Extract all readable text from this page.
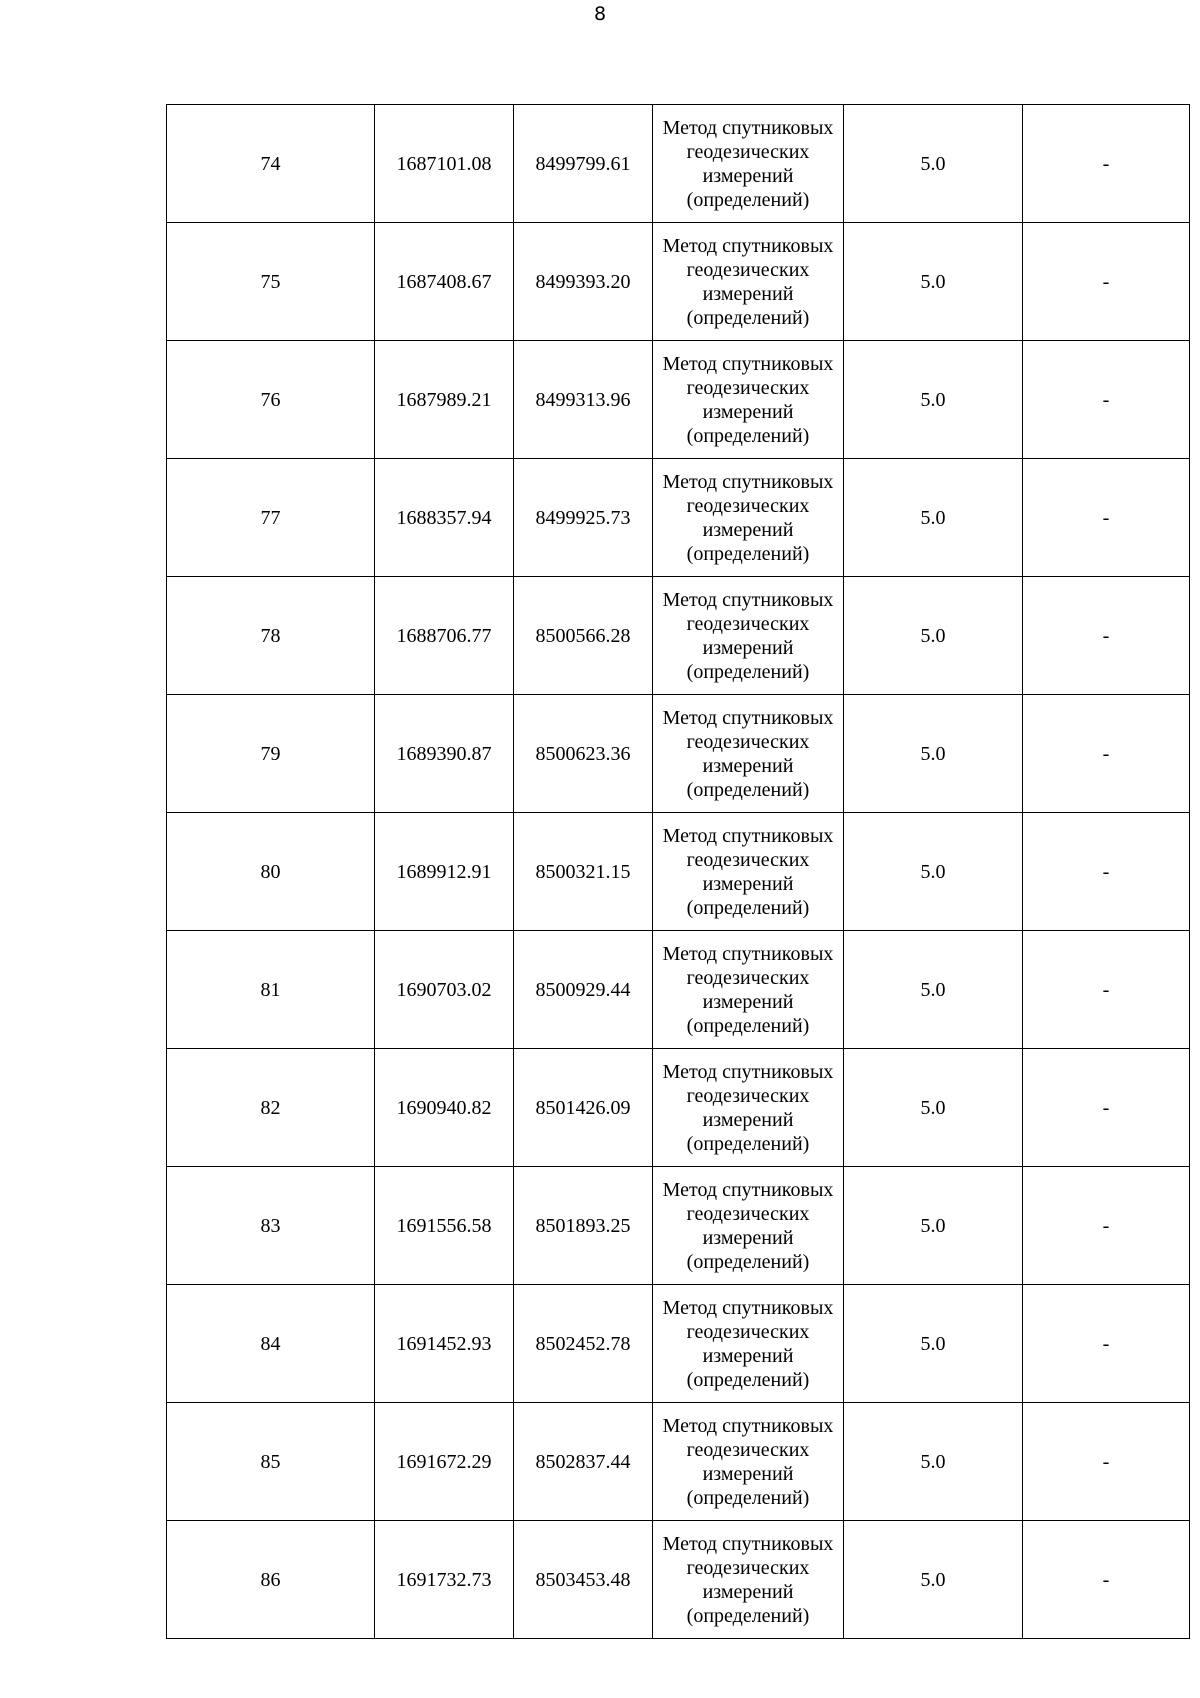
8
74	1687101.08	8499799.61	Метод спутниковых
геодезических
измерений
(определений)	5.0	-
75	1687408.67	8499393.20	Метод спутниковых
геодезических
измерений
(определений)	5.0	-
76	1687989.21	8499313.96	Метод спутниковых
геодезических
измерений
(определений)	5.0	-
77	1688357.94	8499925.73	Метод спутниковых
геодезических
измерений
(определений)	5.0	-
78	1688706.77	8500566.28	Метод спутниковых
геодезических
измерений
(определений)	5.0	-
79	1689390.87	8500623.36	Метод спутниковых
геодезических
измерений
(определений)	5.0	-
80	1689912.91	8500321.15	Метод спутниковых
геодезических
измерений
(определений)	5.0	-
81	1690703.02	8500929.44	Метод спутниковых
геодезических
измерений
(определений)	5.0	-
82	1690940.82	8501426.09	Метод спутниковых
геодезических
измерений
(определений)	5.0	-
83	1691556.58	8501893.25	Метод спутниковых
геодезических
измерений
(определений)	5.0	-
84	1691452.93	8502452.78	Метод спутниковых
геодезических
измерений
(определений)	5.0	-
85	1691672.29	8502837.44	Метод спутниковых
геодезических
измерений
(определений)	5.0	-
86	1691732.73	8503453.48	Метод спутниковых
геодезических
измерений
(определений)	5.0	-
